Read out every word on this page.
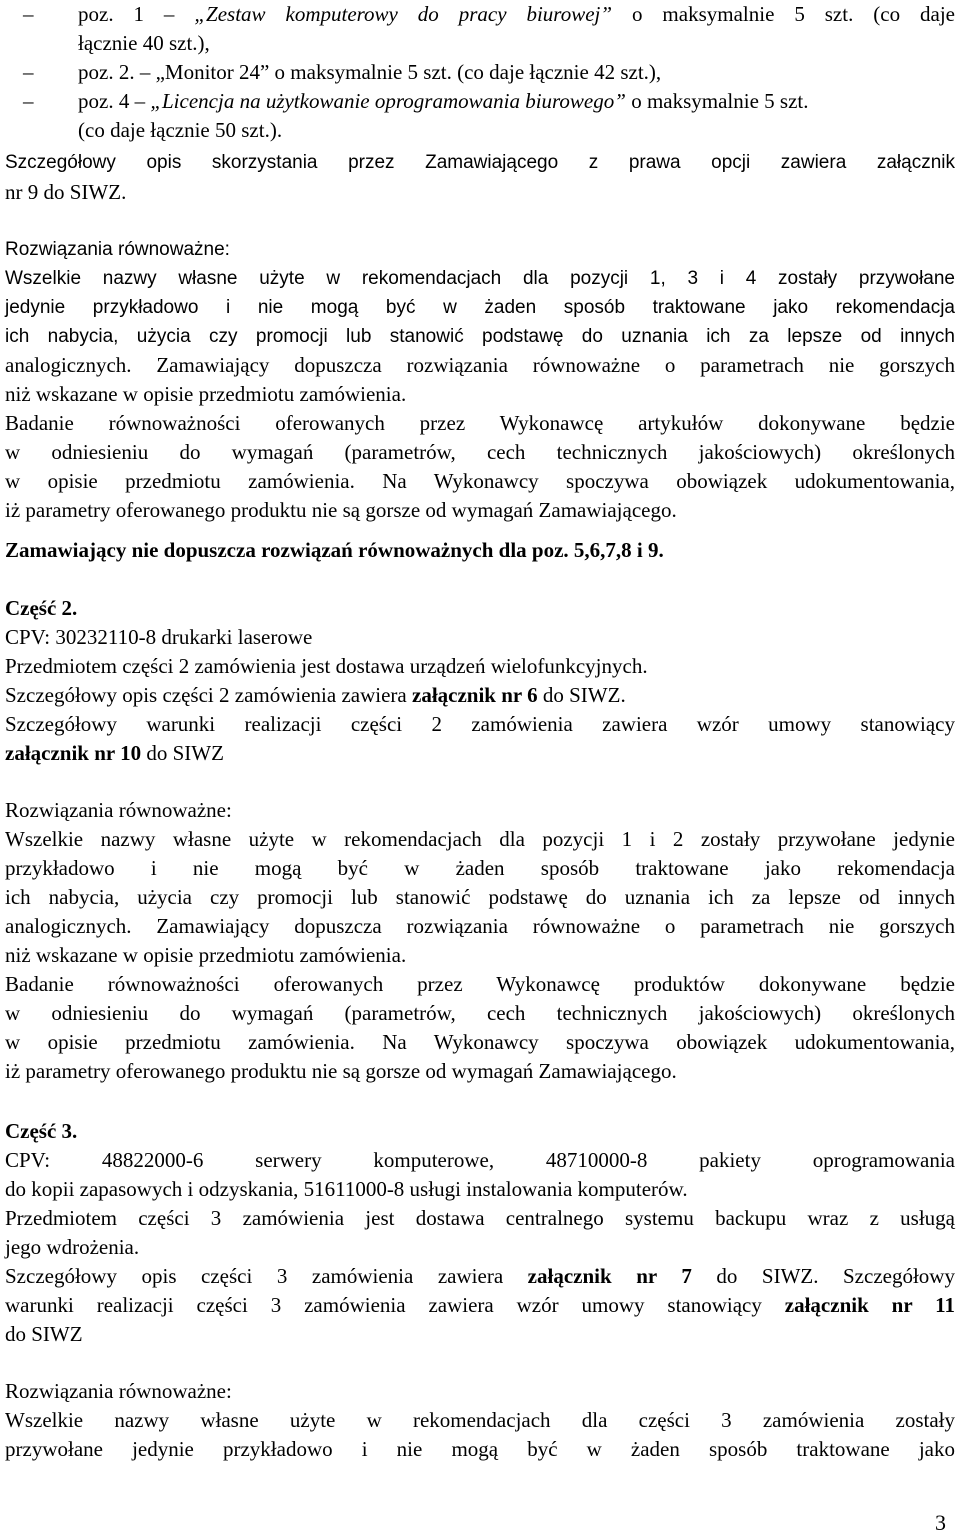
– poz. 1 – „Zestaw komputerowy do pracy biurowej” o maksymalnie 5 szt. (co daje
łącznie 40 szt.),
– poz. 2. – „Monitor 24” o maksymalnie 5 szt. (co daje łącznie 42 szt.),
– poz. 4 – „Licencja na użytkowanie oprogramowania biurowego” o maksymalnie 5 szt.
(co daje łącznie 50 szt.).
Szczegółowy opis skorzystania przez Zamawiającego z prawa opcji zawiera załącznik
nr 9 do SIWZ.
Rozwiązania równoważne:
Wszelkie nazwy własne użyte w rekomendacjach dla pozycji 1, 3 i 4 zostały przywołane
jedynie przykładowo i nie mogą być w żaden sposób traktowane jako rekomendacja
ich nabycia, użycia czy promocji lub stanowić podstawę do uznania ich za lepsze od innych
analogicznych. Zamawiający dopuszcza rozwiązania równoważne o parametrach nie gorszych
niż wskazane w opisie przedmiotu zamówienia.
Badanie równoważności oferowanych przez Wykonawcę artykułów dokonywane będzie
w odniesieniu do wymagań (parametrów, cech technicznych jakościowych) określonych
w opisie przedmiotu zamówienia. Na Wykonawcy spoczywa obowiązek udokumentowania,
iż parametry oferowanego produktu nie są gorsze od wymagań Zamawiającego.
Zamawiający nie dopuszcza rozwiązań równoważnych dla poz. 5,6,7,8 i 9.
Część 2.
CPV: 30232110-8 drukarki laserowe
Przedmiotem części 2 zamówienia jest dostawa urządzeń wielofunkcyjnych.
Szczegółowy opis części 2 zamówienia zawiera załącznik nr 6 do SIWZ.
Szczegółowy warunki realizacji części 2 zamówienia zawiera wzór umowy stanowiący
załącznik nr 10 do SIWZ
Rozwiązania równoważne:
Wszelkie nazwy własne użyte w rekomendacjach dla pozycji 1 i 2 zostały przywołane jedynie
przykładowo i nie mogą być w żaden sposób traktowane jako rekomendacja
ich nabycia, użycia czy promocji lub stanowić podstawę do uznania ich za lepsze od innych
analogicznych. Zamawiający dopuszcza rozwiązania równoważne o parametrach nie gorszych
niż wskazane w opisie przedmiotu zamówienia.
Badanie równoważności oferowanych przez Wykonawcę produktów dokonywane będzie
w odniesieniu do wymagań (parametrów, cech technicznych jakościowych) określonych
w opisie przedmiotu zamówienia. Na Wykonawcy spoczywa obowiązek udokumentowania,
iż parametry oferowanego produktu nie są gorsze od wymagań Zamawiającego.
Część 3.
CPV: 48822000-6 serwery komputerowe, 48710000-8 pakiety oprogramowania
do kopii zapasowych i odzyskania, 51611000-8 usługi instalowania komputerów.
Przedmiotem części 3 zamówienia jest dostawa centralnego systemu backupu wraz z usługą
jego wdrożenia.
Szczegółowy opis części 3 zamówienia zawiera załącznik nr 7 do SIWZ. Szczegółowy
warunki realizacji części 3 zamówienia zawiera wzór umowy stanowiący załącznik nr 11
do SIWZ
Rozwiązania równoważne:
Wszelkie nazwy własne użyte w rekomendacjach dla części 3 zamówienia zostały
przywołane jedynie przykładowo i nie mogą być w żaden sposób traktowane jako
3
